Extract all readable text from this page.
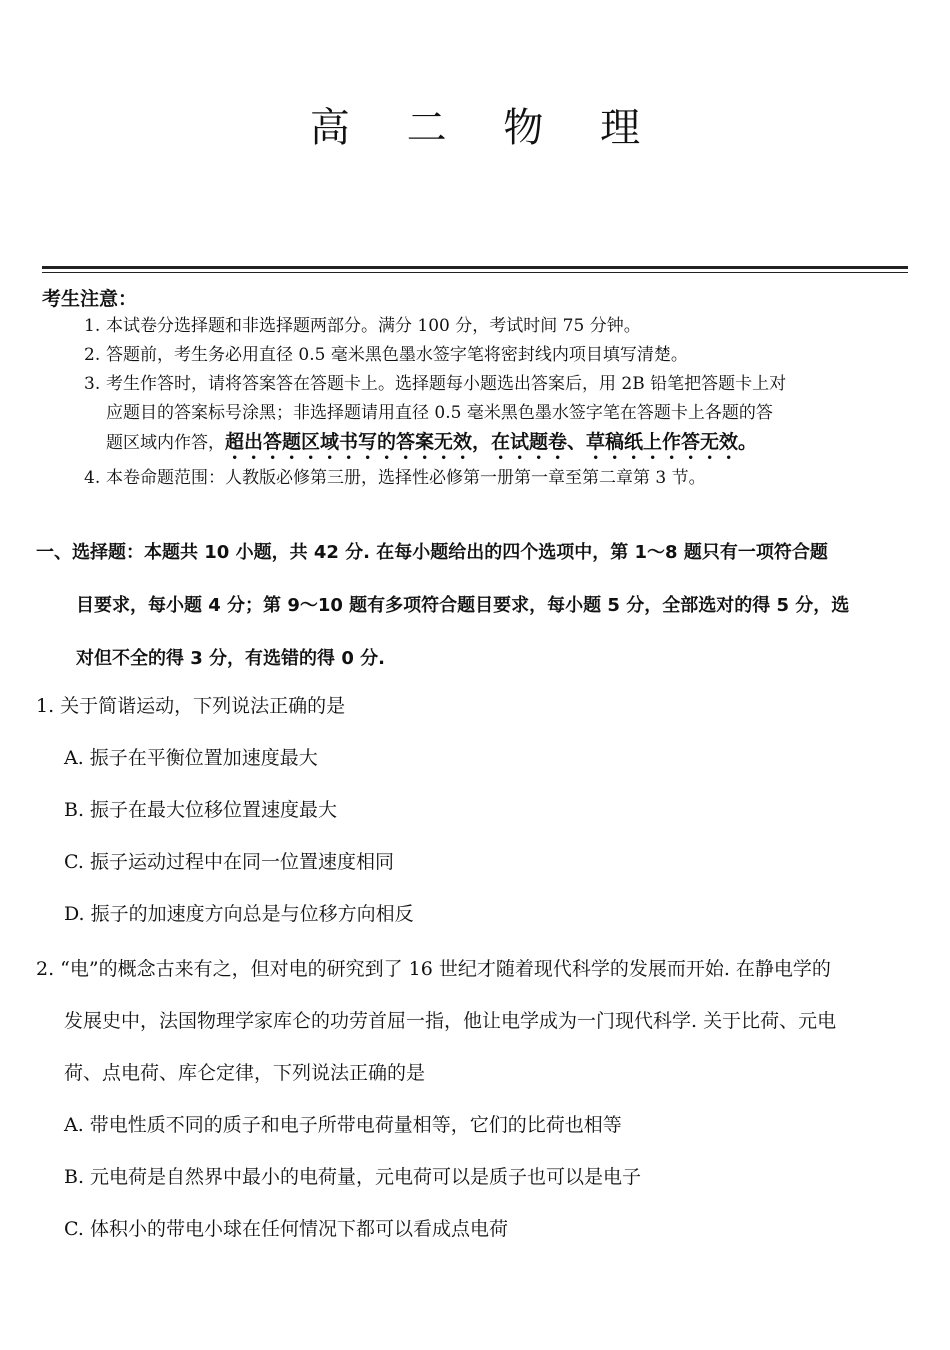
高 二 物 理
考生注意：

1. 本试卷分选择题和非选择题两部分。满分 100 分，考试时间 75 分钟。

2. 答题前，考生务必用直径 0.5 毫米黑色墨水签字笔将密封线内项目填写清楚。

3. 考生作答时，请将答案答在答题卡上。选择题每小题选出答案后，用 2B 铅笔把答题卡上对
应题目的答案标号涂黑；非选择题请用直径 0.5 毫米黑色墨水签字笔在答题卡上各题的答
题区域内作答，超出答题区域书写的答案无效，在试题卷、草稿纸上作答无效。

4. 本卷命题范围：人教版必修第三册，选择性必修第一册第一章至第二章第 3 节。

一、选择题：本题共 10 小题，共 42 分. 在每小题给出的四个选项中，第 1～8 题只有一项符合题
目要求，每小题 4 分；第 9～10 题有多项符合题目要求，每小题 5 分，全部选对的得 5 分，选
对但不全的得 3 分，有选错的得 0 分.
1. 关于简谐运动，下列说法正确的是
A. 振子在平衡位置加速度最大
B. 振子在最大位移位置速度最大
C. 振子运动过程中在同一位置速度相同
D. 振子的加速度方向总是与位移方向相反
2. “电”的概念古来有之，但对电的研究到了 16 世纪才随着现代科学的发展而开始. 在静电学的
发展史中，法国物理学家库仑的功劳首屈一指，他让电学成为一门现代科学. 关于比荷、元电
荷、点电荷、库仑定律，下列说法正确的是
A. 带电性质不同的质子和电子所带电荷量相等，它们的比荷也相等
B. 元电荷是自然界中最小的电荷量，元电荷可以是质子也可以是电子
C. 体积小的带电小球在任何情况下都可以看成点电荷
